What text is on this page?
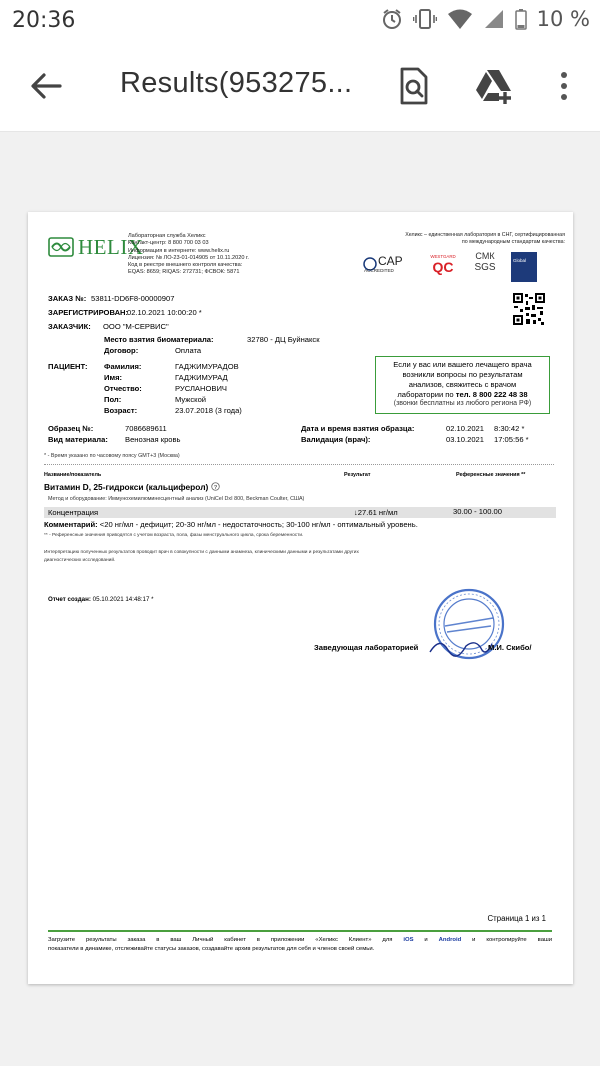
20:36	10 %
Results(953275...
HELIX
Лабораторная служба Хеликс
Контакт-центр: 8 800 700 03 03
Информация в интернете: www.helix.ru
Лицензия: № ЛО-23-01-014905 от 10.11.2020 г.
Код в реестре внешнего контроля качества:
EQAS: 8659; RIQAS: 272731; ФСВОК: 5871
Хеликс – единственная лаборатория в СНГ, сертифицированная
по международным стандартам качества:
CAP
ACCREDITED
WESTGARD
QC
СМК
SGS
Global
ЗАКАЗ №: 53811-DD6F8-00000907
ЗАРЕГИСТРИРОВАН:
02.10.2021 10:00:20 *
ЗАКАЗЧИК: ООО "М-СЕРВИС"
Место взятия биоматериала:	32780 - ДЦ Буйнакск
Договор:	Оплата
ПАЦИЕНТ: Фамилия:	ГАДЖИМУРАДОВ
Имя:	ГАДЖИМУРАД
Отчество:	РУСЛАНОВИЧ
Пол:	Мужской
Возраст:	23.07.2018 (3 года)
Если у вас или вашего лечащего врача
возникли вопросы по результатам
анализов, свяжитесь с врачом
лаборатории по тел. 8 800 222 48 38
(звонки бесплатны из любого региона РФ)
Образец №:	7086689611
Вид материала: Венозная кровь
Дата и время взятия образца:	02.10.2021 8:30:42 *
Валидация (врач):	03.10.2021 17:05:56 *
* - Время указано по часовому поясу GMT+3 (Москва)
Название/показатель	Результат	Референсные значения **
Витамин D, 25-гидрокси (кальциферол) ?
Метод и оборудование: Иммунохемилюминесцентный анализ (UniCel DxI 800, Beckman Coulter, США)
Концентрация	↓27.61 нг/мл	30.00 - 100.00
Комментарий: <20 нг/мл - дефицит; 20-30 нг/мл - недостаточность; 30-100 нг/мл - оптимальный уровень.
** - Референсные значения приводятся с учетом возраста, пола, фазы менструального цикла, срока беременности.
Интерпретацию полученных результатов проводит врач в совокупности с данными анамнеза, клиническими данными и результатами других
диагностических исследований.
Отчет создан: 05.10.2021 14:48:17 *
Заведующая лабораторией	М.И. Скибо/
Страница 1 из 1
Загрузите результаты заказа в ваш Личный кабинет в приложении «Хеликс Клиент» для iOS и Android и контролируйте ваши
показатели в динамике, отслеживайте статусы заказов, создавайте архив результатов для себя и членов своей семьи.
